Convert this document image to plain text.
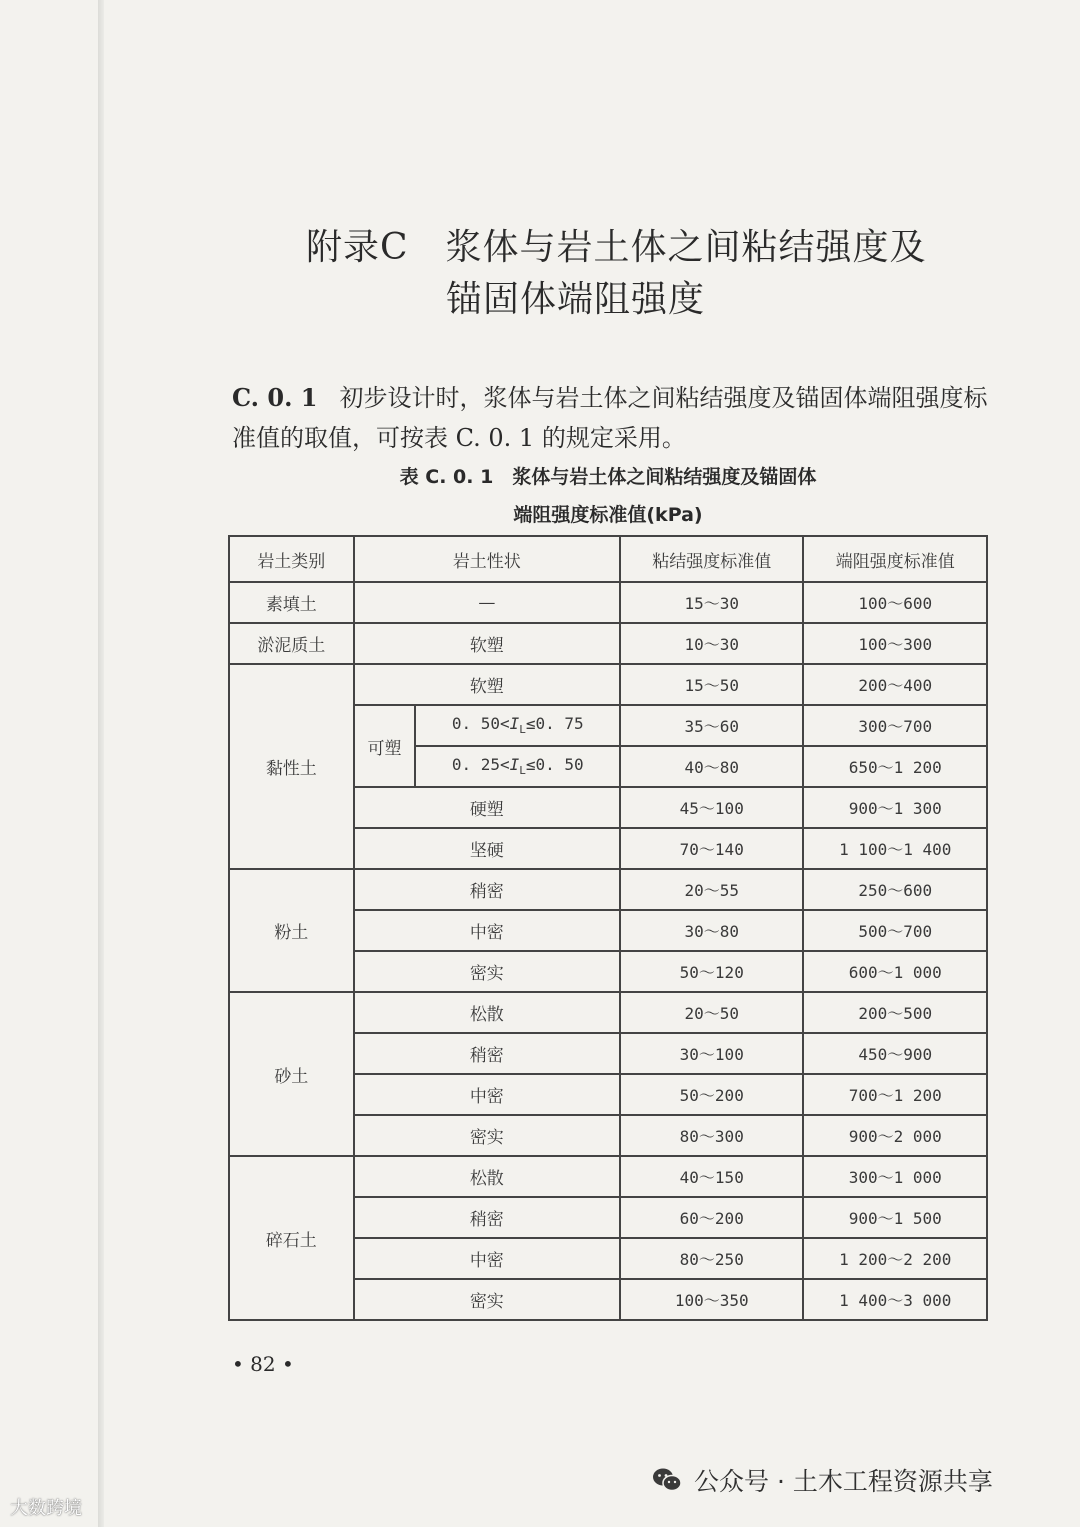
附录C　浆体与岩土体之间粘结强度及
锚固体端阻强度
C. 0. 1 初步设计时，浆体与岩土体之间粘结强度及锚固体端阻强度标准值的取值，可按表 C. 0. 1 的规定采用。
表 C. 0. 1　浆体与岩土体之间粘结强度及锚固体
端阻强度标准值(kPa)
岩土类别	岩土性状		粘结强度标准值	端阻强度标准值
素填土	—		15～30	100～600
淤泥质土	软塑		10～30	100～300
黏性土	软塑		15～50	200～400
	可塑	0. $50<I_L\le 0$. 75	35～60	300～700
		0. $25<I_L\le 0$. 50	40～80	650～1 200
	硬塑		45～100	900～1 300
	坚硬		70～140	1 100～1 400
粉土	稍密		20～55	250～600
	中密		30～80	500～700
	密实		50～120	600～1 000
砂土	松散		20～50	200～500
	稍密		30～100	450～900
	中密		50～200	700～1 200
	密实		80～300	900～2 000
碎石土	松散		40～150	300～1 000
	稍密		60～200	900～1 500
	中密		80～250	1 200～2 200
	密实		100～350	1 400～3 000
• 82 •
大数跨境
公众号 · 土木工程资源共享
